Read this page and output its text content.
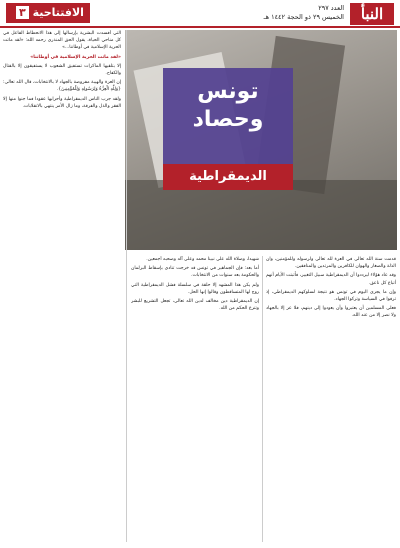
النبأ
العدد ٢٩٧
الخميس ٢٩ ذو الحجة ١٤٤٢ هـ
الافتتاحية ٣
تونس
وحصاد
الديمقراطية

قدمت سنة الله تعالى في العزة لله تعالى ولرسوله وللمؤمنين، وان الذلة والصغار والهوان للكافرين والمرتدين والمنافقين.

وقد عاد هؤلاء ليرددوا أن الديمقراطية سبيل التغيير، فأثبتت الأيام أنهم أتباع كل ناعق.

وإن ما يجري اليوم في تونس هو نتيجة لسلوكهم الديمقراطي، إذ ترفوا في السياسة وتركوا الجهاد.

فعلى المسلمين أن يعتبروا وأن يعودوا إلى دينهم، فلا عز إلا بالجهاد ولا نصر إلا من عند الله.

شهيدا، وصلاة الله على نبينا محمد وعلى آله وصحبه أجمعين.

أما بعد: فإن الجماهير في تونس قد خرجت تنادي بإسقاط البرلمان والحكومة بعد سنوات من الانتخابات.

ولم يكن هذا المشهد إلا حلقة في سلسلة فشل الديمقراطية التي روج لها المتساقطون وقالوا إنها الحل.

إن الديمقراطية دين مخالف لدين الله تعالى، تجعل التشريع للبشر وتنزع الحكم من الله.

التي أفسدت البشرية بإرسالها إلى هذا الانحطاط الفاعل في كل مناحي الحياة، يقول الحق المنذري رحمه الله: «لقد ماتت الحرية الإسلامية في أوطاننا...»

«لقد ماتت الحرية الإسلامية في أوطاننا»

إلا بتلقيها الماكرات تستفيق الشعوب لا يستفيقون إلا بالقتال والكفاح.

إن العزة والهيبة مفروضة بالجهاد لا بالانتخابات، قال الله تعالى: {وَلِلَّهِ الْعِزَّةُ وَلِرَسُولِهِ وَلِلْمُؤْمِنِينَ}.

ولقد جرب الناس الديمقراطية وأحزابها عقودا فما جنوا منها إلا الفقر والذل والفرقة، وما زال الأمر ينتهي بالانقلابات.
